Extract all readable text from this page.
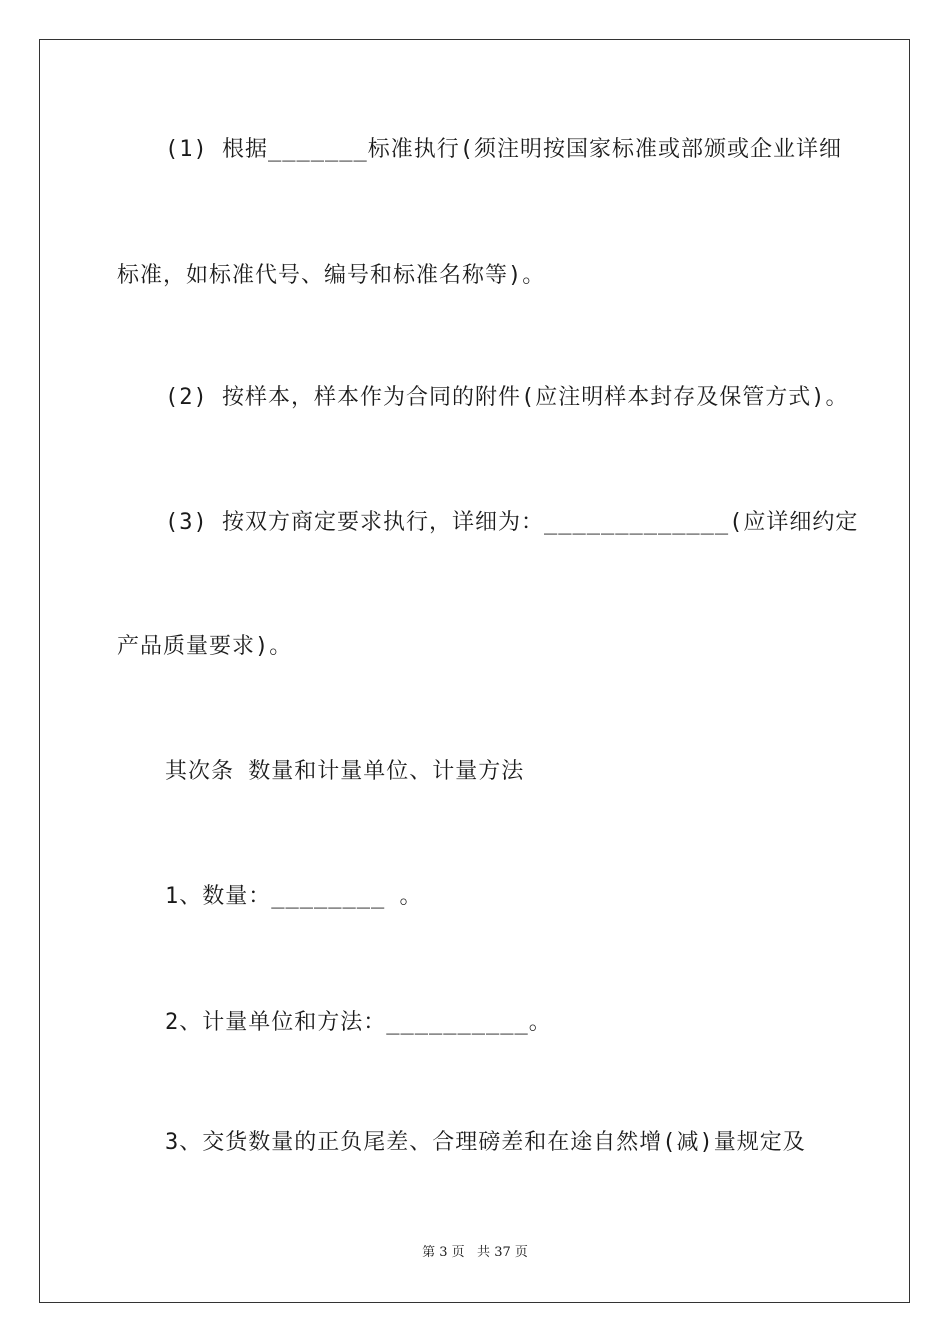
(1) 根据_______标准执行(须注明按国家标准或部颁或企业详细
标准，如标准代号、编号和标准名称等)。
(2) 按样本，样本作为合同的附件(应注明样本封存及保管方式)。
(3) 按双方商定要求执行，详细为：_____________(应详细约定
产品质量要求)。
其次条 数量和计量单位、计量方法
1、数量：________ 。
2、计量单位和方法：__________。
3、交货数量的正负尾差、合理磅差和在途自然增(减)量规定及
第 3 页   共 37 页
